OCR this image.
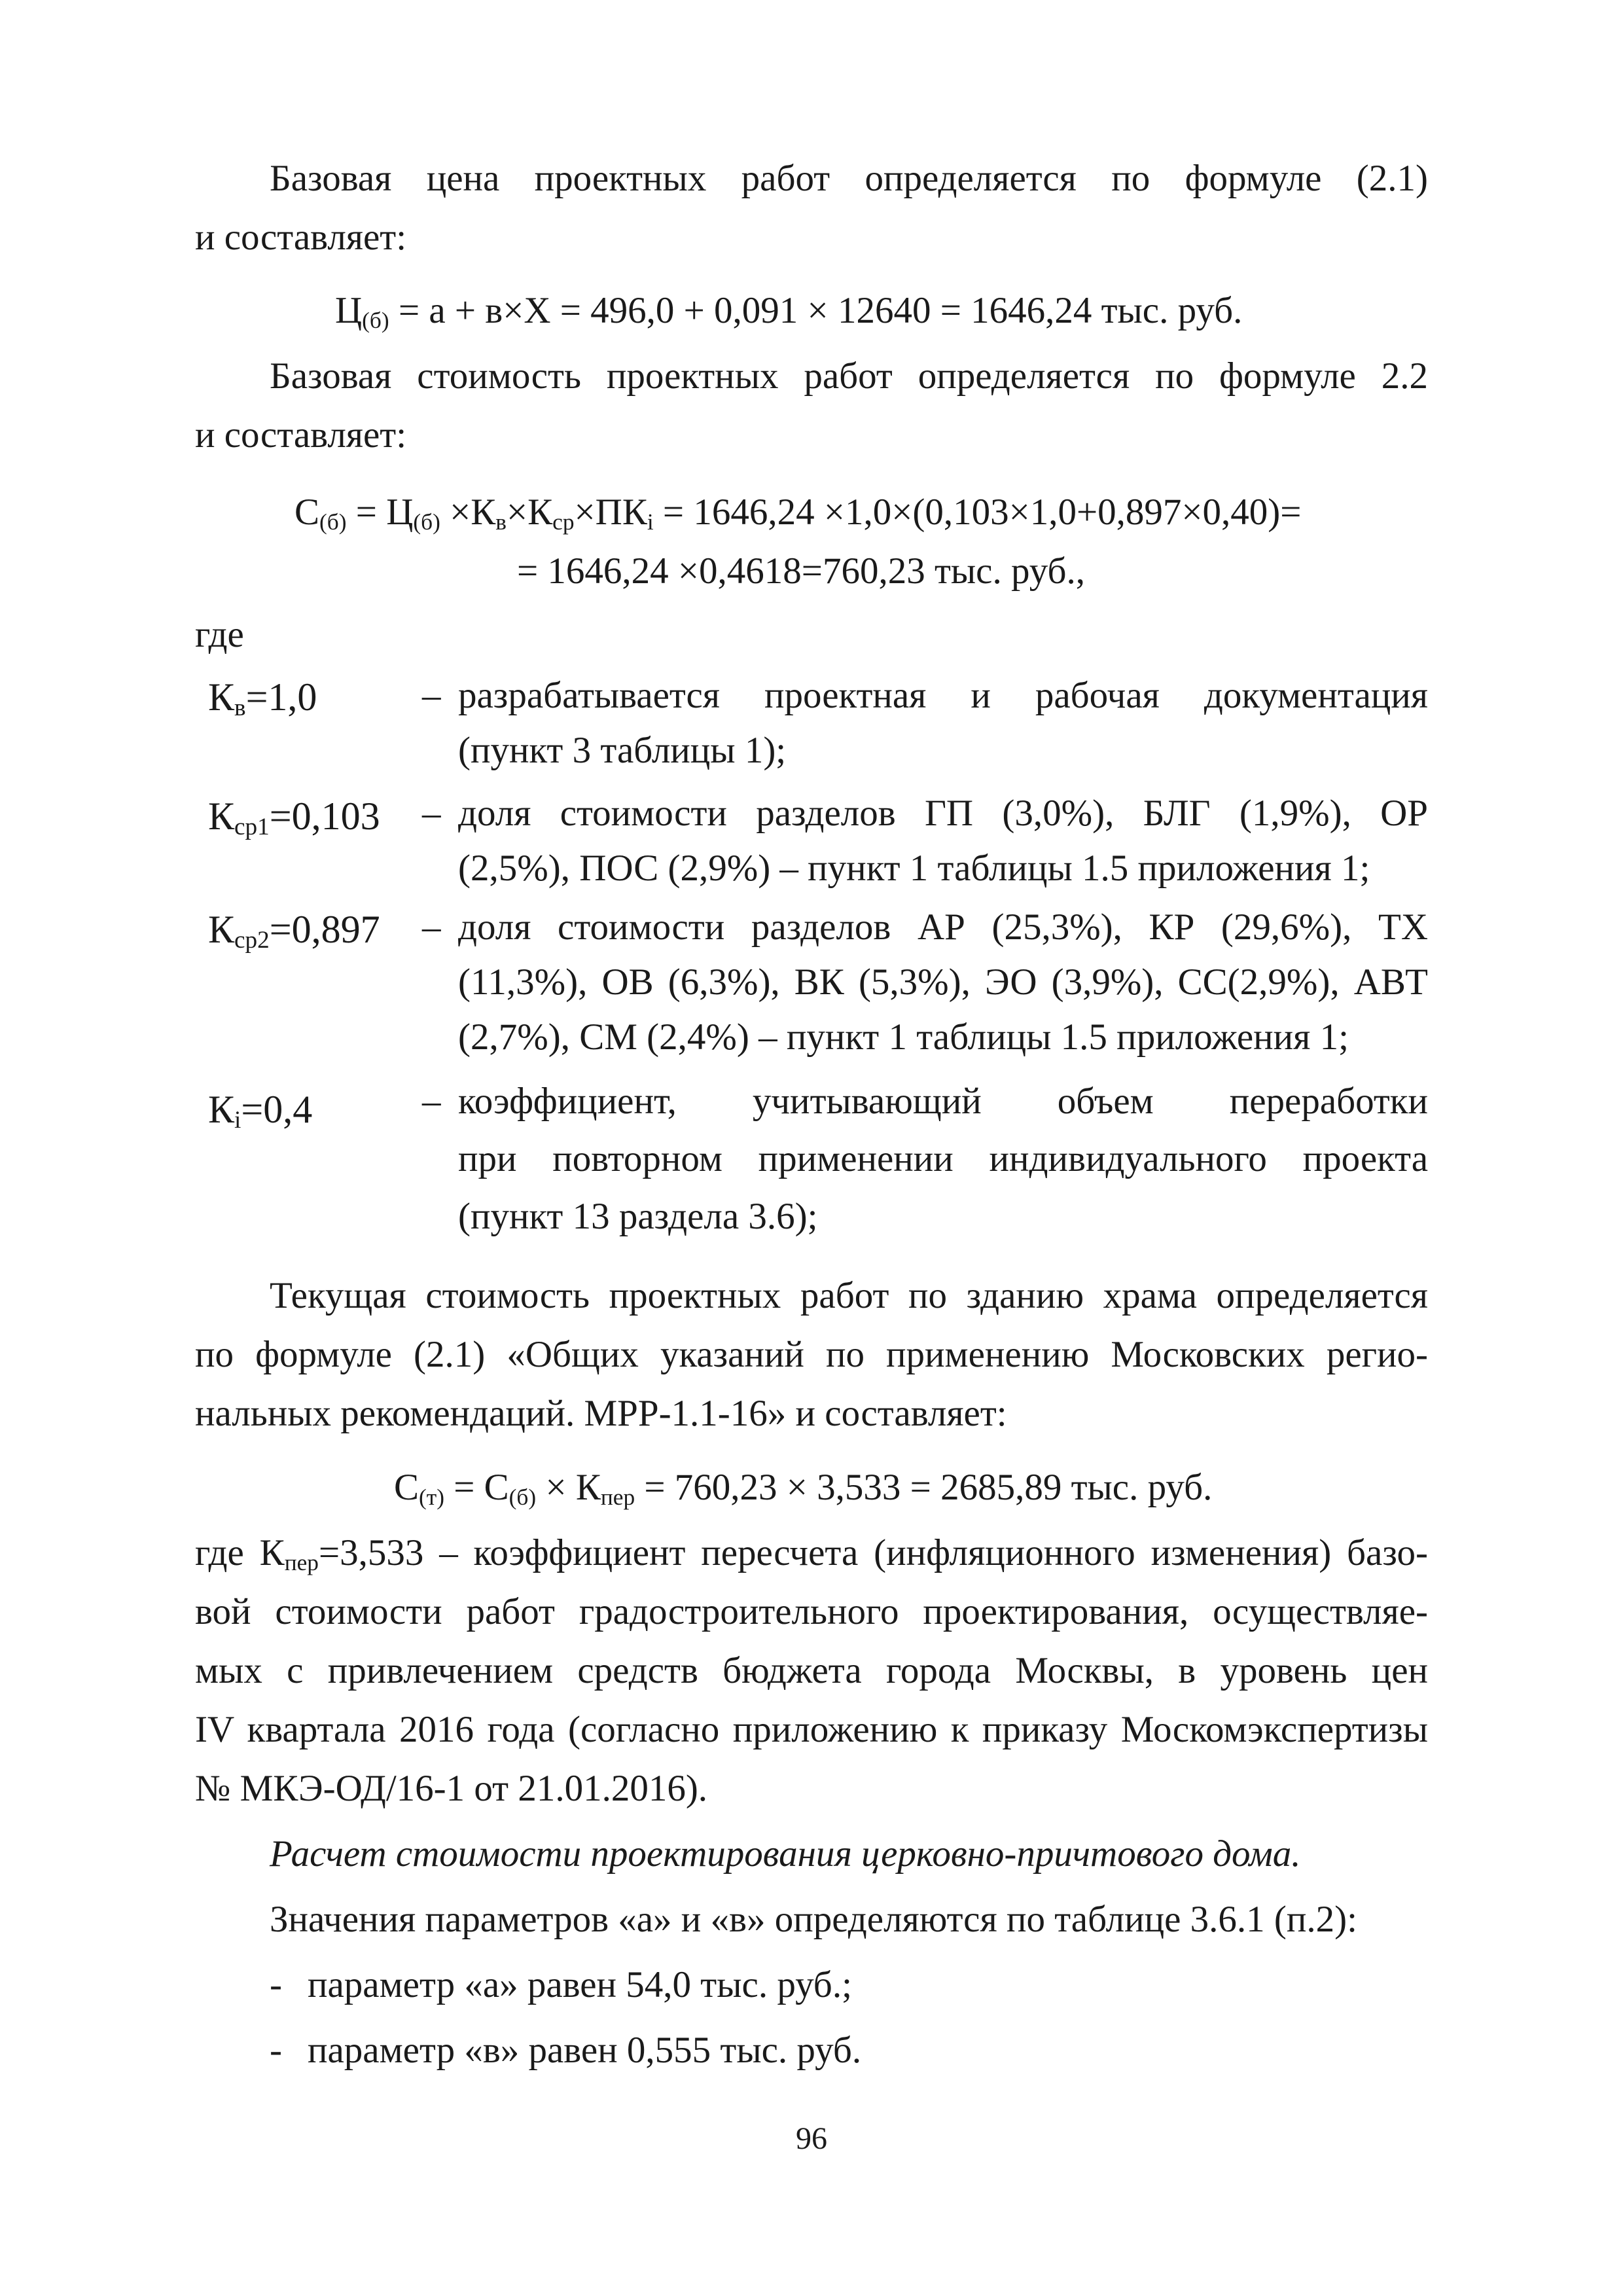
Базовая цена проектных работ определяется по формуле (2.1)
и составляет:
$Ц_{(б)} = а + в\times Х = 496,0 + 0,091 \times 12640 = 1646,24$ тыс. руб.
Базовая стоимость проектных работ определяется по формуле 2.2
и составляет:
$С_{(б)} = Ц_{(б)} \times К_в\times К_{ср}\times ПК_i = 1646,24 \times 1,0\times(0,103\times 1,0+0,897\times 0,40)=$
= 1646,24 ×0,4618=760,23 тыс. руб.,
где
$К_в=1,0$	– разрабатывается проектная и рабочая документация
(пункт 3 таблицы 1);
$К_{ср1}=0,103$ – доля стоимости разделов ГП (3,0%), БЛГ (1,9%), ОР
(2,5%), ПОС (2,9%) – пункт 1 таблицы 1.5 приложения 1;
$К_{ср2}=0,897$ – доля стоимости разделов АР (25,3%), КР (29,6%), ТХ
(11,3%), ОВ (6,3%), ВК (5,3%), ЭО (3,9%), СС(2,9%), АВТ
(2,7%), СМ (2,4%) – пункт 1 таблицы 1.5 приложения 1;
$К_i=0,4$	– коэффициент, учитывающий объем переработки
при повторном применении индивидуального проекта
(пункт 13 раздела 3.6);
Текущая стоимость проектных работ по зданию храма определяется
по формуле (2.1) «Общих указаний по применению Московских регио-
нальных рекомендаций. МРР-1.1-16» и составляет:
$С_{(т)} = С_{(б)} \times К_{пер} = 760,23 \times 3,533 = 2685,89$ тыс. руб.
где $К_{пер}=3,533$ – коэффициент пересчета (инфляционного изменения) базо-
вой стоимости работ градостроительного проектирования, осуществляе-
мых с привлечением средств бюджета города Москвы, в уровень цен
IV квартала 2016 года (согласно приложению к приказу Москомэкспертизы
№ МКЭ-ОД/16-1 от 21.01.2016).
Расчет стоимости проектирования церковно-причтового дома.
Значения параметров «а» и «в» определяются по таблице 3.6.1 (п.2):
- параметр «а» равен 54,0 тыс. руб.;
- параметр «в» равен 0,555 тыс. руб.
96
